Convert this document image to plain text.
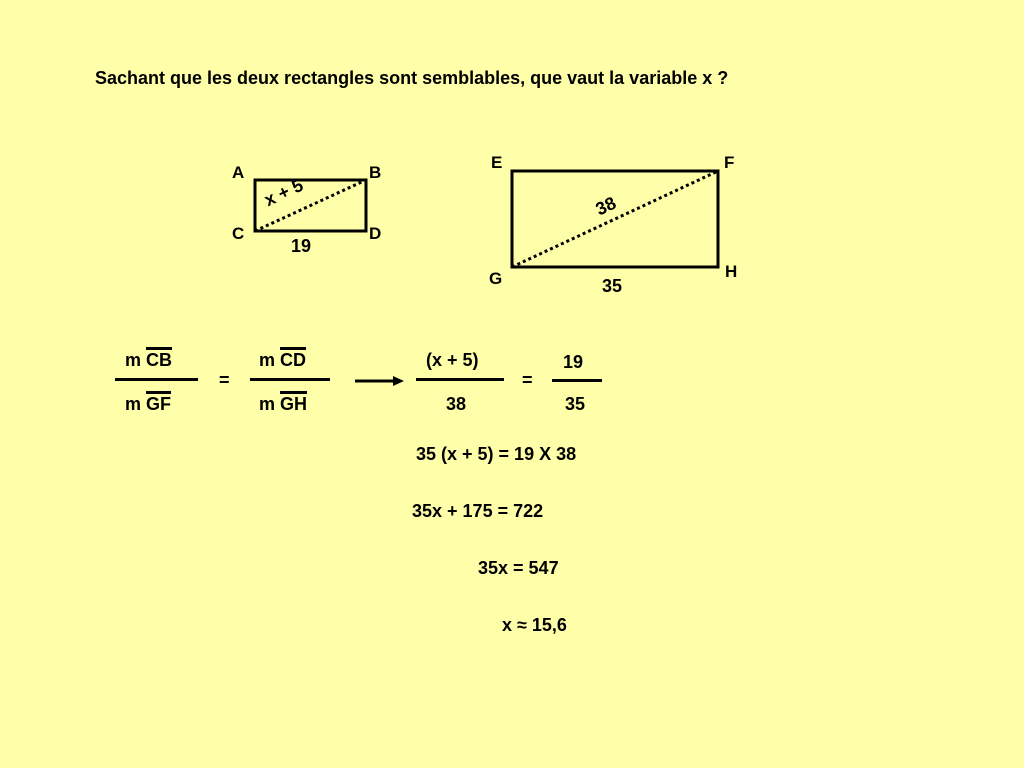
Sachant que les deux rectangles sont semblables, que vaut la variable x ?
A	B
C	D
x + 5
19
E	F
G	H
38
35
m $\overline{CB}$
m $\overline{GF}$
=
m $\overline{CD}$
m $\overline{GH}$
(x + 5)
38
=
19
35
35 (x + 5) = 19 X 38
35x + 175 = 722
35x = 547
x ≈ 15,6
